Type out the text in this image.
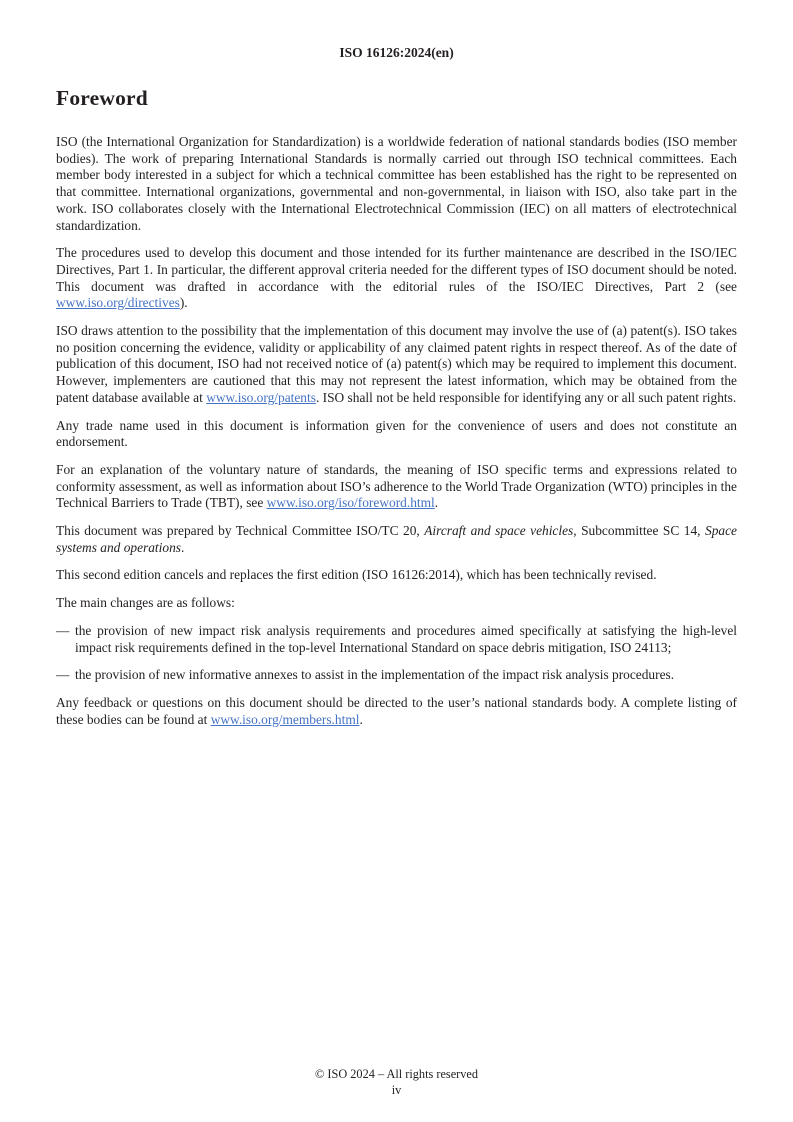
ISO 16126:2024(en)
Foreword

ISO (the International Organization for Standardization) is a worldwide federation of national standards bodies (ISO member bodies). The work of preparing International Standards is normally carried out through ISO technical committees. Each member body interested in a subject for which a technical committee has been established has the right to be represented on that committee. International organizations, governmental and non-governmental, in liaison with ISO, also take part in the work. ISO collaborates closely with the International Electrotechnical Commission (IEC) on all matters of electrotechnical standardization.

The procedures used to develop this document and those intended for its further maintenance are described in the ISO/IEC Directives, Part 1. In particular, the different approval criteria needed for the different types of ISO document should be noted. This document was drafted in accordance with the editorial rules of the ISO/IEC Directives, Part 2 (see www.iso.org/directives).

ISO draws attention to the possibility that the implementation of this document may involve the use of (a) patent(s). ISO takes no position concerning the evidence, validity or applicability of any claimed patent rights in respect thereof. As of the date of publication of this document, ISO had not received notice of (a) patent(s) which may be required to implement this document. However, implementers are cautioned that this may not represent the latest information, which may be obtained from the patent database available at www.iso.org/patents. ISO shall not be held responsible for identifying any or all such patent rights.

Any trade name used in this document is information given for the convenience of users and does not constitute an endorsement.

For an explanation of the voluntary nature of standards, the meaning of ISO specific terms and expressions related to conformity assessment, as well as information about ISO’s adherence to the World Trade Organization (WTO) principles in the Technical Barriers to Trade (TBT), see www.iso.org/iso/foreword.html.

This document was prepared by Technical Committee ISO/TC 20, Aircraft and space vehicles, Subcommittee SC 14, Space systems and operations.

This second edition cancels and replaces the first edition (ISO 16126:2014), which has been technically revised.

The main changes are as follows:

— the provision of new impact risk analysis requirements and procedures aimed specifically at satisfying the high-level impact risk requirements defined in the top-level International Standard on space debris mitigation, ISO 24113;
— the provision of new informative annexes to assist in the implementation of the impact risk analysis procedures.

Any feedback or questions on this document should be directed to the user’s national standards body. A complete listing of these bodies can be found at www.iso.org/members.html.

© ISO 2024 – All rights reserved
iv
